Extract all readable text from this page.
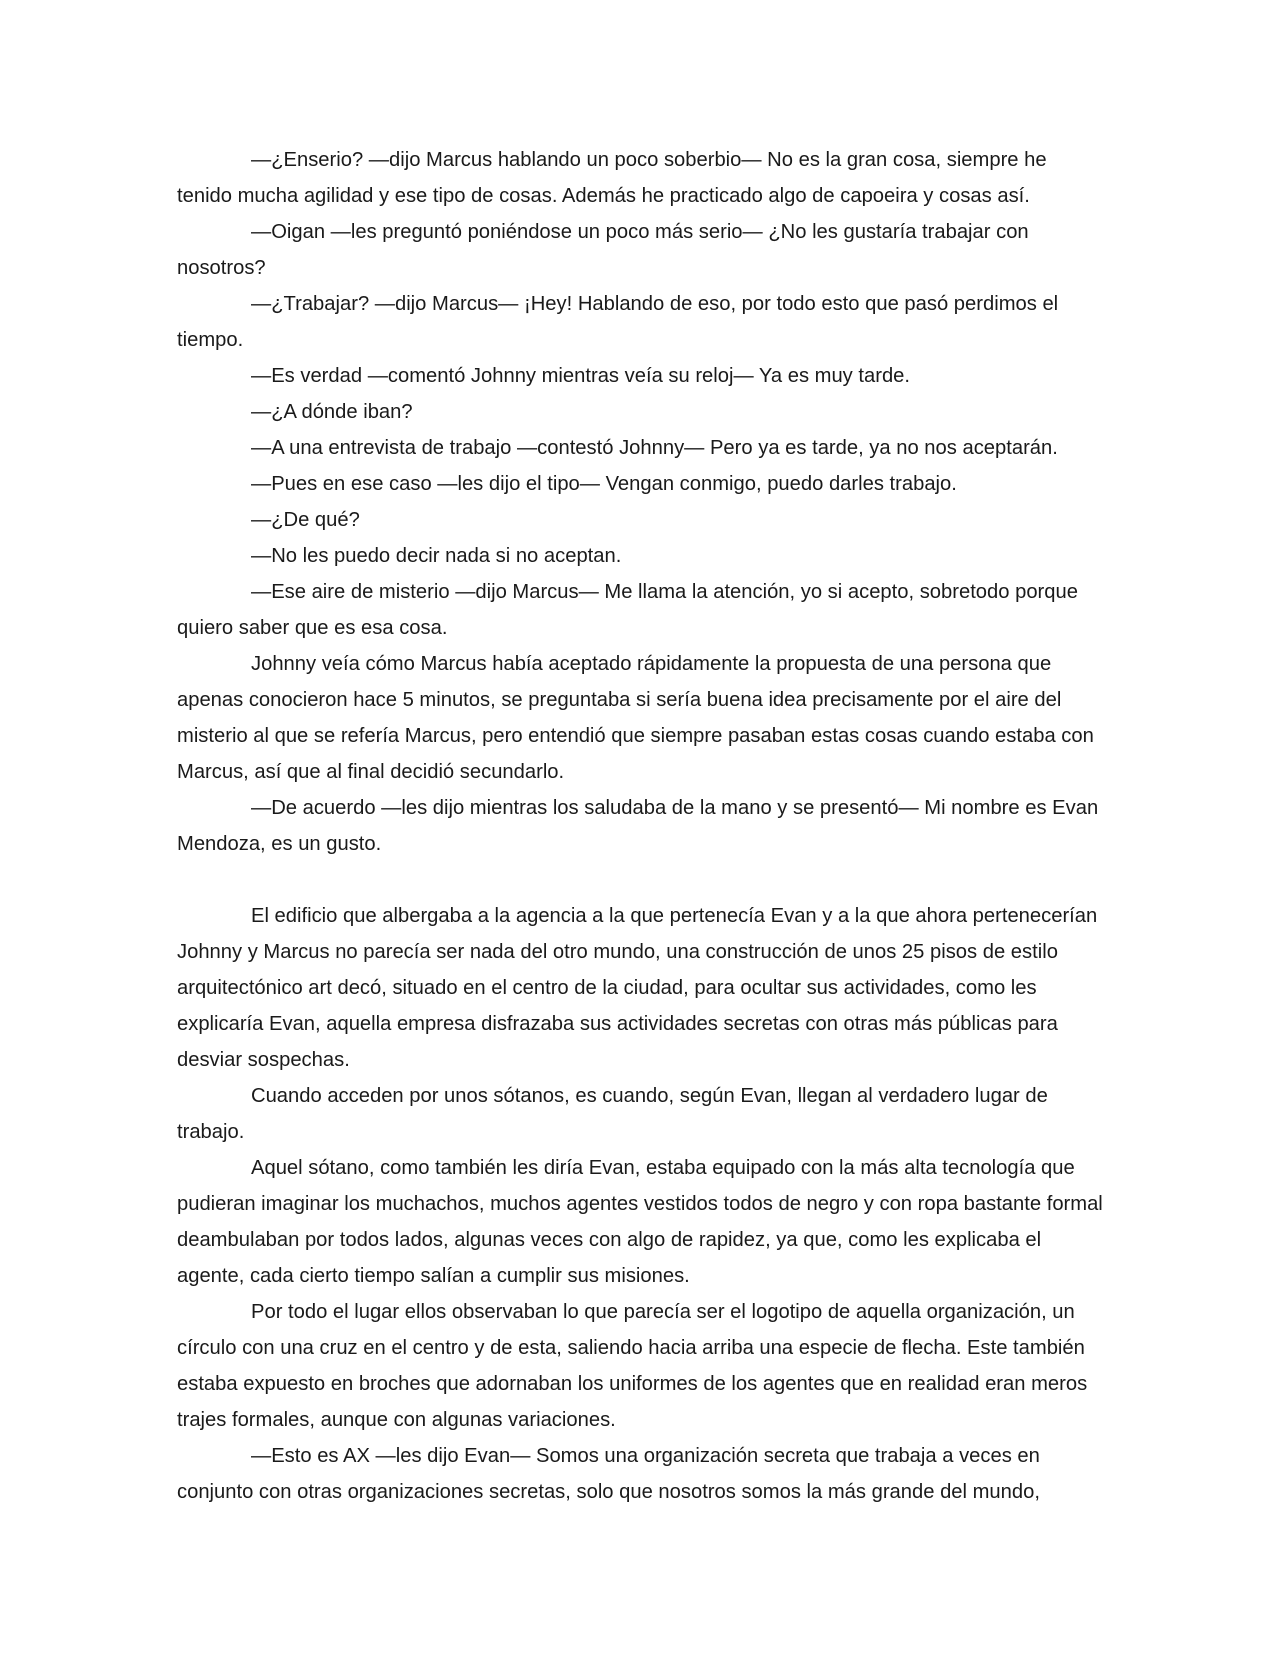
—¿Enserio? —dijo Marcus hablando un poco soberbio— No es la gran cosa, siempre he tenido mucha agilidad y ese tipo de cosas. Además he practicado algo de capoeira y cosas así.

—Oigan —les preguntó poniéndose un poco más serio— ¿No les gustaría trabajar con nosotros?

—¿Trabajar? —dijo Marcus— ¡Hey! Hablando de eso, por todo esto que pasó perdimos el tiempo.

—Es verdad —comentó Johnny mientras veía su reloj— Ya es muy tarde.

—¿A dónde iban?

—A una entrevista de trabajo —contestó Johnny— Pero ya es tarde, ya no nos aceptarán.

—Pues en ese caso —les dijo el tipo— Vengan conmigo, puedo darles trabajo.

—¿De qué?

—No les puedo decir nada si no aceptan.

—Ese aire de misterio —dijo Marcus— Me llama la atención, yo si acepto, sobretodo porque quiero saber que es esa cosa.

Johnny veía cómo Marcus había aceptado rápidamente la propuesta de una persona que apenas conocieron hace 5 minutos, se preguntaba si sería buena idea precisamente por el aire del misterio al que se refería Marcus, pero entendió que siempre pasaban estas cosas cuando estaba con Marcus, así que al final decidió secundarlo.

—De acuerdo —les dijo mientras los saludaba de la mano y se presentó— Mi nombre es Evan Mendoza, es un gusto.

El edificio que albergaba a la agencia a la que pertenecía Evan y a la que ahora pertenecerían Johnny y Marcus no parecía ser nada del otro mundo, una construcción de unos 25 pisos de estilo arquitectónico art decó, situado en el centro de la ciudad, para ocultar sus actividades, como les explicaría Evan, aquella empresa disfrazaba sus actividades secretas con otras más públicas para desviar sospechas.

Cuando acceden por unos sótanos, es cuando, según Evan, llegan al verdadero lugar de trabajo.

Aquel sótano, como también les diría Evan, estaba equipado con la más alta tecnología que pudieran imaginar los muchachos, muchos agentes vestidos todos de negro y con ropa bastante formal deambulaban por todos lados, algunas veces con algo de rapidez, ya que, como les explicaba el agente, cada cierto tiempo salían a cumplir sus misiones.

Por todo el lugar ellos observaban lo que parecía ser el logotipo de aquella organización, un círculo con una cruz en el centro y de esta, saliendo hacia arriba una especie de flecha. Este también estaba expuesto en broches que adornaban los uniformes de los agentes que en realidad eran meros trajes formales, aunque con algunas variaciones.

—Esto es AX —les dijo Evan— Somos una organización secreta que trabaja a veces en conjunto con otras organizaciones secretas, solo que nosotros somos la más grande del mundo,
